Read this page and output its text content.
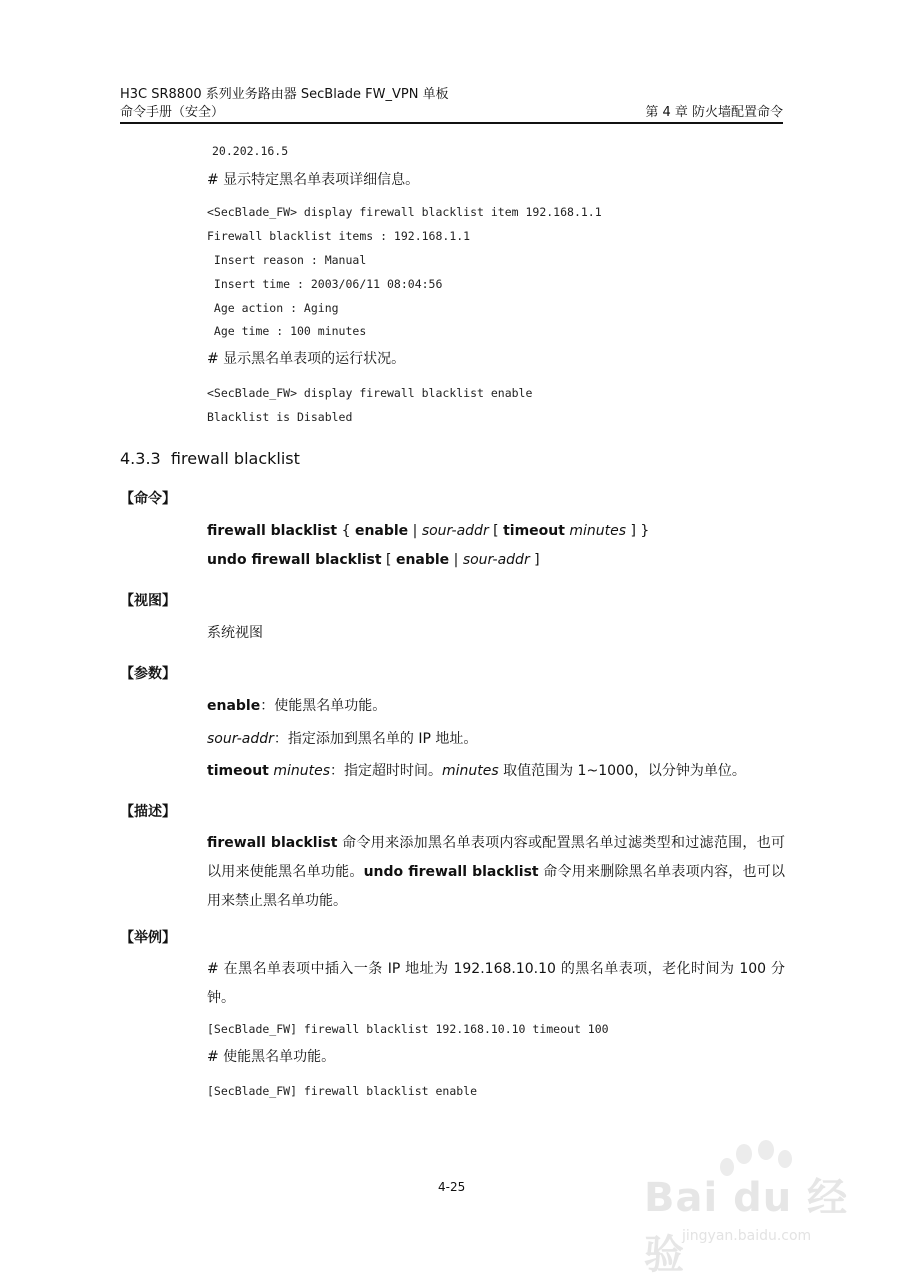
H3C SR8800 系列业务路由器 SecBlade FW_VPN 单板
命令手册（安全）	第 4 章 防火墙配置命令
20.202.16.5
# 显示特定黑名单表项详细信息。
<SecBlade_FW> display firewall blacklist item 192.168.1.1
Firewall blacklist items : 192.168.1.1
Insert reason : Manual
Insert time : 2003/06/11 08:04:56
Age action : Aging
Age time : 100 minutes
# 显示黑名单表项的运行状况。
<SecBlade_FW> display firewall blacklist enable
Blacklist is Disabled
4.3.3 firewall blacklist
【命令】
firewall blacklist { enable | sour-addr [ timeout minutes ] }
undo firewall blacklist [ enable | sour-addr ]
【视图】
系统视图
【参数】
enable：使能黑名单功能。
sour-addr：指定添加到黑名单的 IP 地址。
timeout minutes：指定超时时间。minutes 取值范围为 1~1000，以分钟为单位。
【描述】
firewall blacklist 命令用来添加黑名单表项内容或配置黑名单过滤类型和过滤范围，也可以用来使能黑名单功能。undo firewall blacklist 命令用来删除黑名单表项内容，也可以用来禁止黑名单功能。
【举例】
# 在黑名单表项中插入一条 IP 地址为 192.168.10.10 的黑名单表项，老化时间为 100 分钟。
[SecBlade_FW] firewall blacklist 192.168.10.10 timeout 100
# 使能黑名单功能。
[SecBlade_FW] firewall blacklist enable
4-25	Bai du 经验
jingyan.baidu.com
